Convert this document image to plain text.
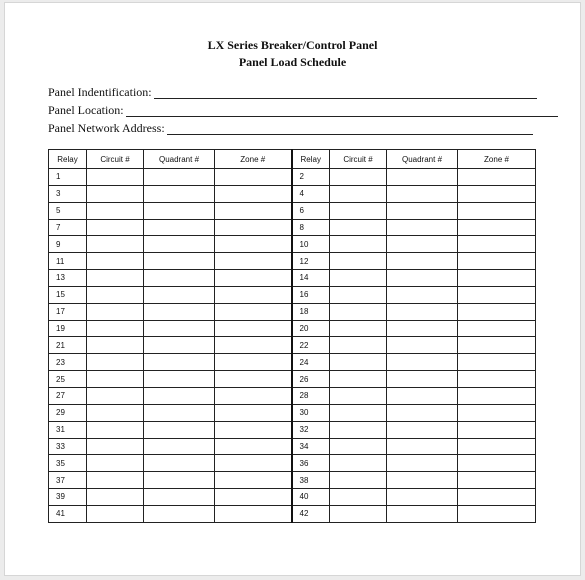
LX Series Breaker/Control Panel
Panel Load Schedule
Panel Indentification:
Panel Location:
Panel Network Address:
Relay	Circuit #	Quadrant #	Zone #	Relay	Circuit #	Quadrant #	Zone #
1				2			
3				4			
5				6			
7				8			
9				10			
11				12			
13				14			
15				16			
17				18			
19				20			
21				22			
23				24			
25				26			
27				28			
29				30			
31				32			
33				34			
35				36			
37				38			
39				40			
41				42			
